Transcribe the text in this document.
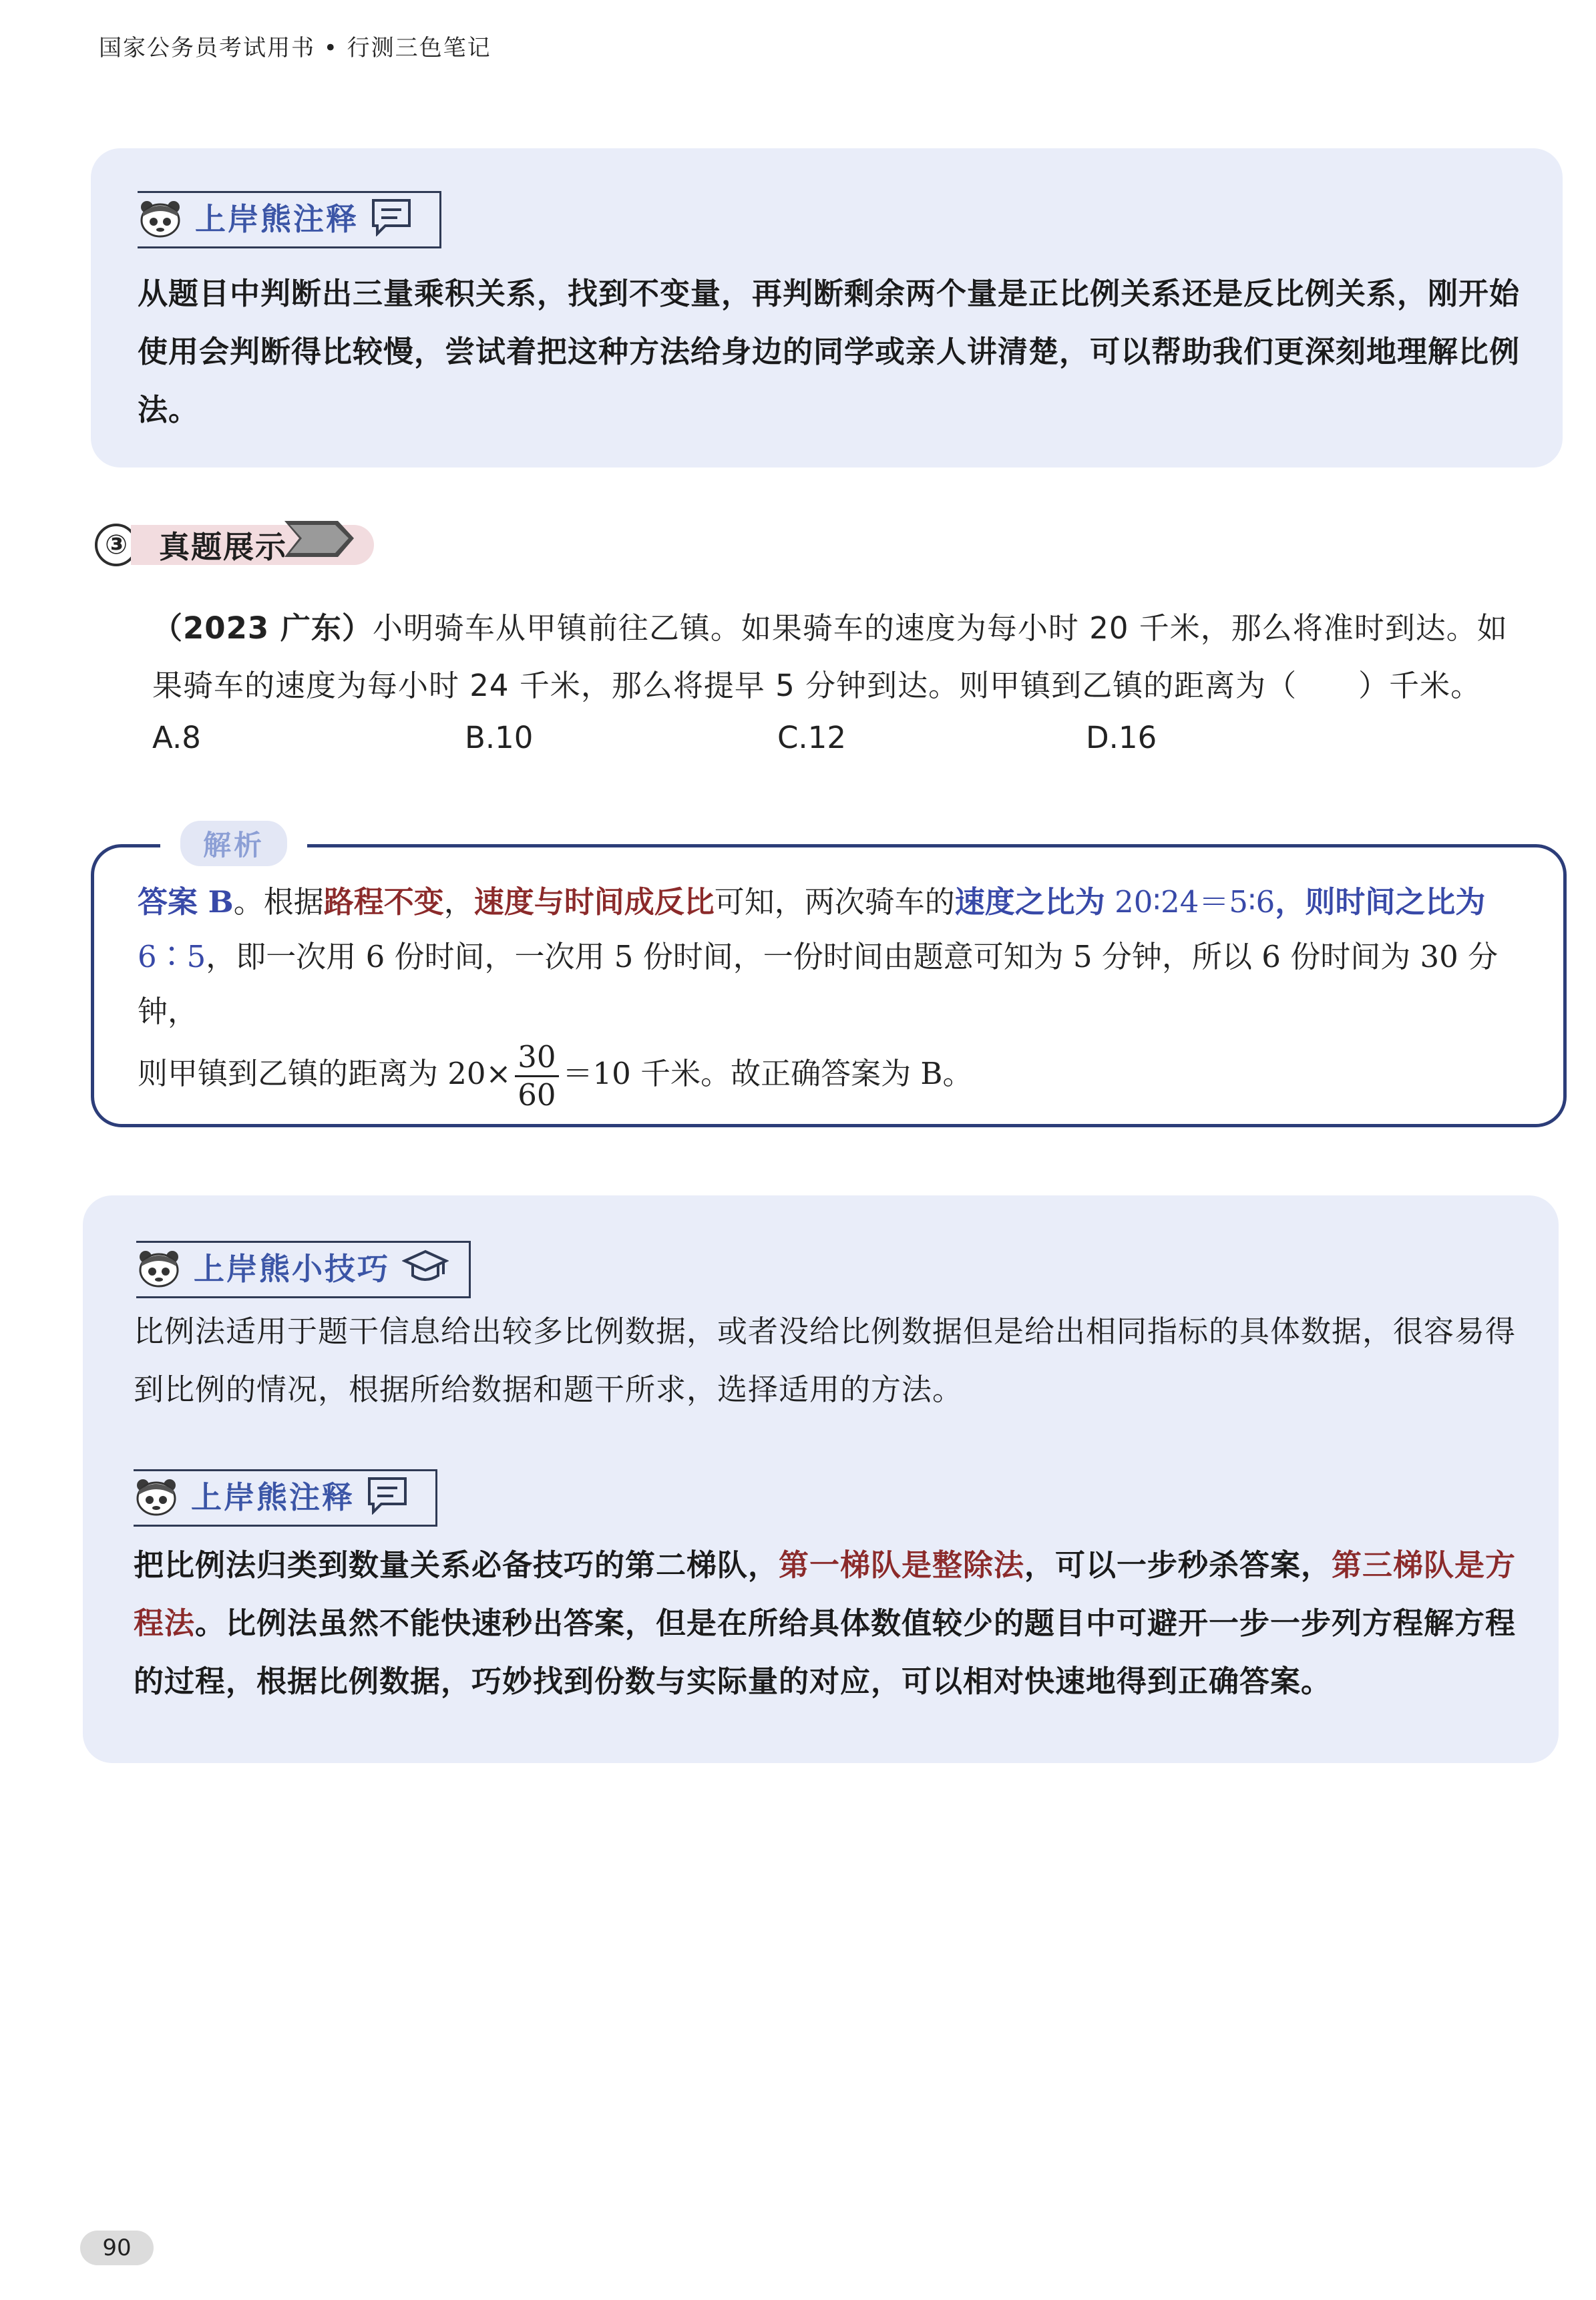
国家公务员考试用书 • 行测三色笔记
上岸熊注释
从题目中判断出三量乘积关系，找到不变量，再判断剩余两个量是正比例关系还是反比例关系，刚开始使用会判断得比较慢，尝试着把这种方法给身边的同学或亲人讲清楚，可以帮助我们更深刻地理解比例法。
③	真题展示
（2023 广东）小明骑车从甲镇前往乙镇。如果骑车的速度为每小时 20 千米，那么将准时到达。如果骑车的速度为每小时 24 千米，那么将提早 5 分钟到达。则甲镇到乙镇的距离为（　　）千米。
A.8	B.10	C.12	D.16
解析
答案 B。根据路程不变，速度与时间成反比可知，两次骑车的速度之比为 20∶24＝5∶6，则时间之比为 6∶5，即一次用 6 份时间，一次用 5 份时间，一份时间由题意可知为 5 分钟，所以 6 份时间为 30 分钟，
则甲镇到乙镇的距离为 $20\times \frac{30}{60} =10$ 千米。故正确答案为 B。
上岸熊小技巧
比例法适用于题干信息给出较多比例数据，或者没给比例数据但是给出相同指标的具体数据，很容易得到比例的情况，根据所给数据和题干所求，选择适用的方法。
上岸熊注释
把比例法归类到数量关系必备技巧的第二梯队，第一梯队是整除法，可以一步秒杀答案，第三梯队是方程法。比例法虽然不能快速秒出答案，但是在所给具体数值较少的题目中可避开一步一步列方程解方程的过程，根据比例数据，巧妙找到份数与实际量的对应，可以相对快速地得到正确答案。
90
